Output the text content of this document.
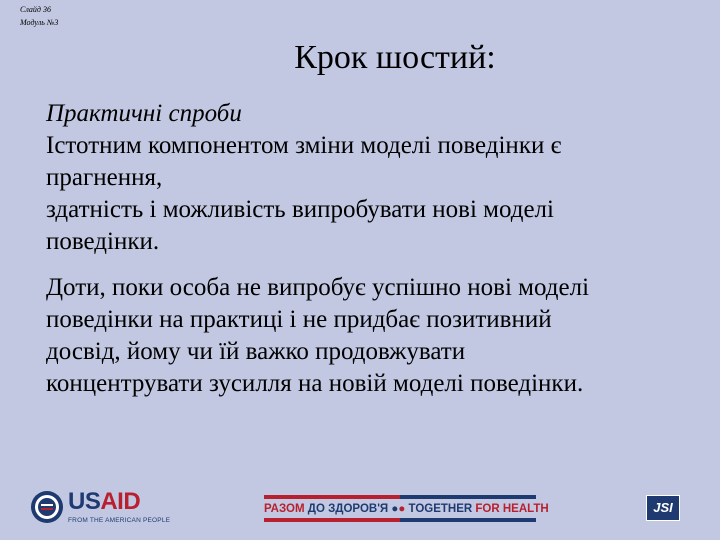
Слайд 36
Модуль №3
Крок шостий:

Практичні спроби

Істотним компонентом зміни моделі поведінки є
прагнення,
здатність і можливість випробувати нові моделі
поведінки.

Доти, поки особа не випробує успішно нові моделі
поведінки на практиці і не придбає позитивний
досвід, йому чи їй важко продовжувати
концентрувати зусилля на новій моделі поведінки.

USAID
FROM THE AMERICAN PEOPLE
РАЗОМ ДО ЗДОРОВ'Я ●● TOGETHER FOR HEALTH	JSI
